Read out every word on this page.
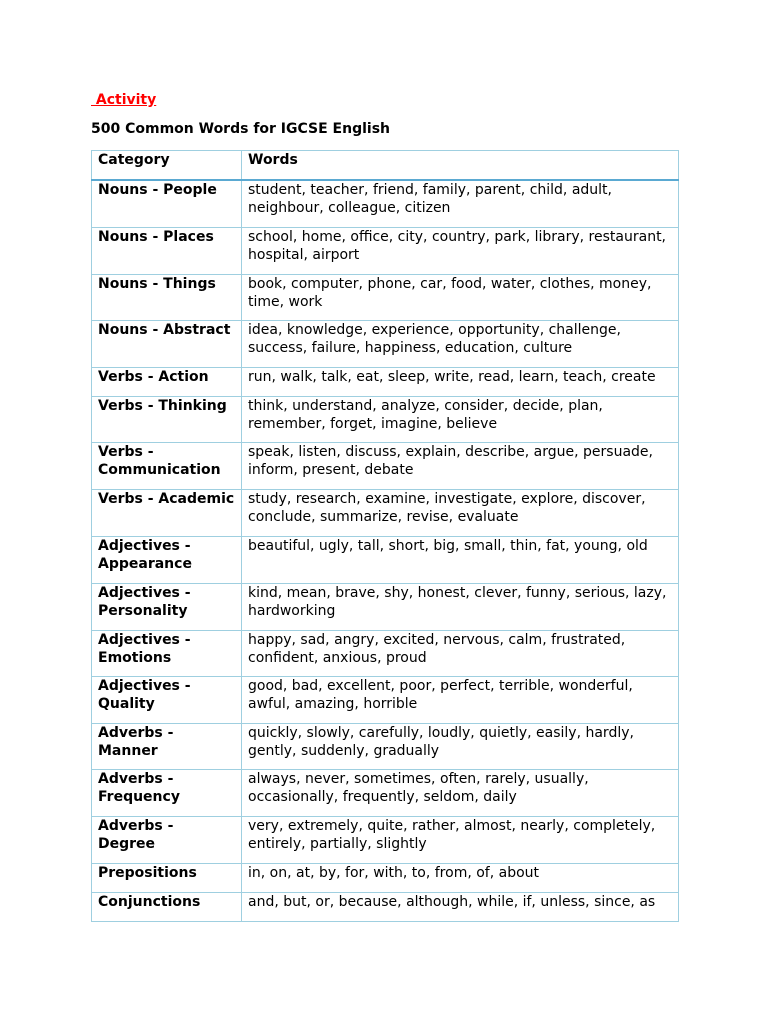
Activity
500 Common Words for IGCSE English
Category	Words
Nouns - People	student, teacher, friend, family, parent, child, adult, neighbour, colleague, citizen
Nouns - Places	school, home, office, city, country, park, library, restaurant, hospital, airport
Nouns - Things	book, computer, phone, car, food, water, clothes, money, time, work
Nouns - Abstract	idea, knowledge, experience, opportunity, challenge, success, failure, happiness, education, culture
Verbs - Action	run, walk, talk, eat, sleep, write, read, learn, teach, create
Verbs - Thinking	think, understand, analyze, consider, decide, plan, remember, forget, imagine, believe
Verbs - Communication	speak, listen, discuss, explain, describe, argue, persuade, inform, present, debate
Verbs - Academic	study, research, examine, investigate, explore, discover, conclude, summarize, revise, evaluate
Adjectives - Appearance	beautiful, ugly, tall, short, big, small, thin, fat, young, old
Adjectives - Personality	kind, mean, brave, shy, honest, clever, funny, serious, lazy, hardworking
Adjectives - Emotions	happy, sad, angry, excited, nervous, calm, frustrated, confident, anxious, proud
Adjectives - Quality	good, bad, excellent, poor, perfect, terrible, wonderful, awful, amazing, horrible
Adverbs - Manner	quickly, slowly, carefully, loudly, quietly, easily, hardly, gently, suddenly, gradually
Adverbs - Frequency	always, never, sometimes, often, rarely, usually, occasionally, frequently, seldom, daily
Adverbs - Degree	very, extremely, quite, rather, almost, nearly, completely, entirely, partially, slightly
Prepositions	in, on, at, by, for, with, to, from, of, about
Conjunctions	and, but, or, because, although, while, if, unless, since, as
